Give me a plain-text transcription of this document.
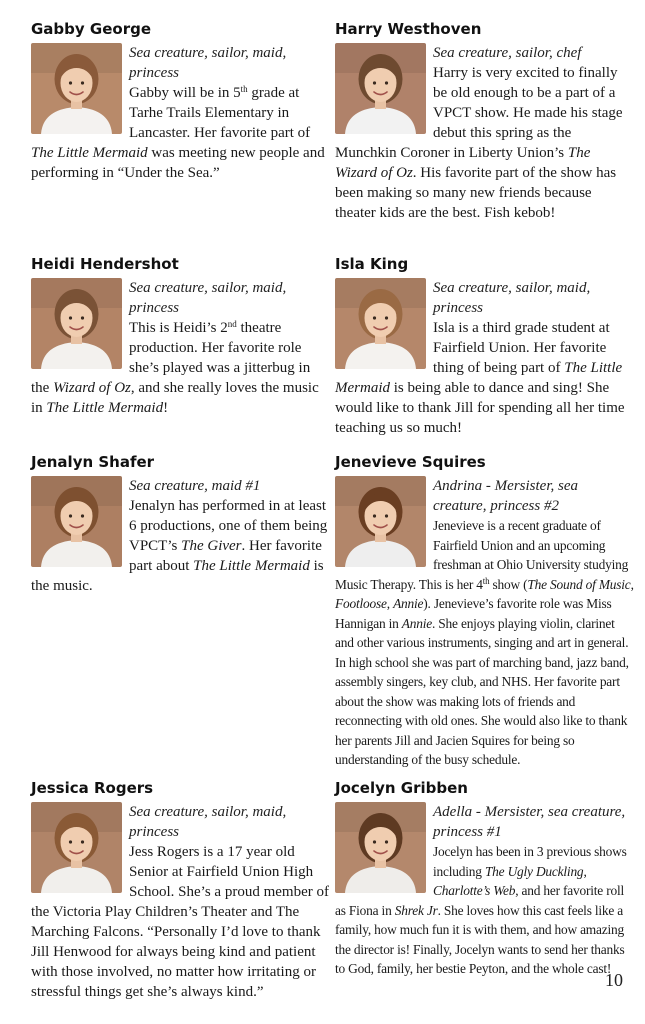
Gabby George

Sea creature, sailor, maid, princess

Gabby will be in 5th grade at Tarhe Trails Elementary in Lancaster. Her favorite part of The Little Mermaid was meeting new people and performing in “Under the Sea.”

Harry Westhoven

Sea creature, sailor, chef

Harry is very excited to finally be old enough to be a part of a VPCT show. He made his stage debut this spring as the Munchkin Coroner in Liberty Union’s The Wizard of Oz. His favorite part of the show has been making so many new friends because theater kids are the best. Fish kebob!

Heidi Hendershot

Sea creature, sailor, maid, princess

This is Heidi’s 2nd theatre production. Her favorite role she’s played was a jitterbug in the Wizard of Oz, and she really loves the music in The Little Mermaid!

Isla King

Sea creature, sailor, maid, princess

Isla is a third grade student at Fairfield Union. Her favorite thing of being part of The Little Mermaid is being able to dance and sing! She would like to thank Jill for spending all her time teaching us so much!

Jenalyn Shafer

Sea creature, maid #1

Jenalyn has performed in at least 6 productions, one of them being VPCT’s The Giver. Her favorite part about The Little Mermaid is the music.

Jenevieve Squires

Andrina - Mersister, sea creature, princess #2

Jenevieve is a recent graduate of Fairfield Union and an upcoming freshman at Ohio University studying Music Therapy. This is her 4th show (The Sound of Music, Footloose, Annie). Jenevieve’s favorite role was Miss Hannigan in Annie. She enjoys playing violin, clarinet and other various instruments, singing and art in general. In high school she was part of marching band, jazz band, assembly singers, key club, and NHS. Her favorite part about the show was making lots of friends and reconnecting with old ones. She would also like to thank her parents Jill and Jacien Squires for being so understanding of the busy schedule.

Jessica Rogers

Sea creature, sailor, maid, princess

Jess Rogers is a 17 year old Senior at Fairfield Union High School. She’s a proud member of the Victoria Play Children’s Theater and The Marching Falcons. “Personally I’d love to thank Jill Henwood for always being kind and patient with those involved, no matter how irritating or stressful things get she’s always kind.”

Jocelyn Gribben

Adella - Mersister, sea creature, princess #1

Jocelyn has been in 3 previous shows including The Ugly Duckling, Charlotte’s Web, and her favorite roll as Fiona in Shrek Jr. She loves how this cast feels like a family, how much fun it is with them, and how amazing the director is! Finally, Jocelyn wants to send her thanks to God, family, her bestie Peyton, and the whole cast!

10
